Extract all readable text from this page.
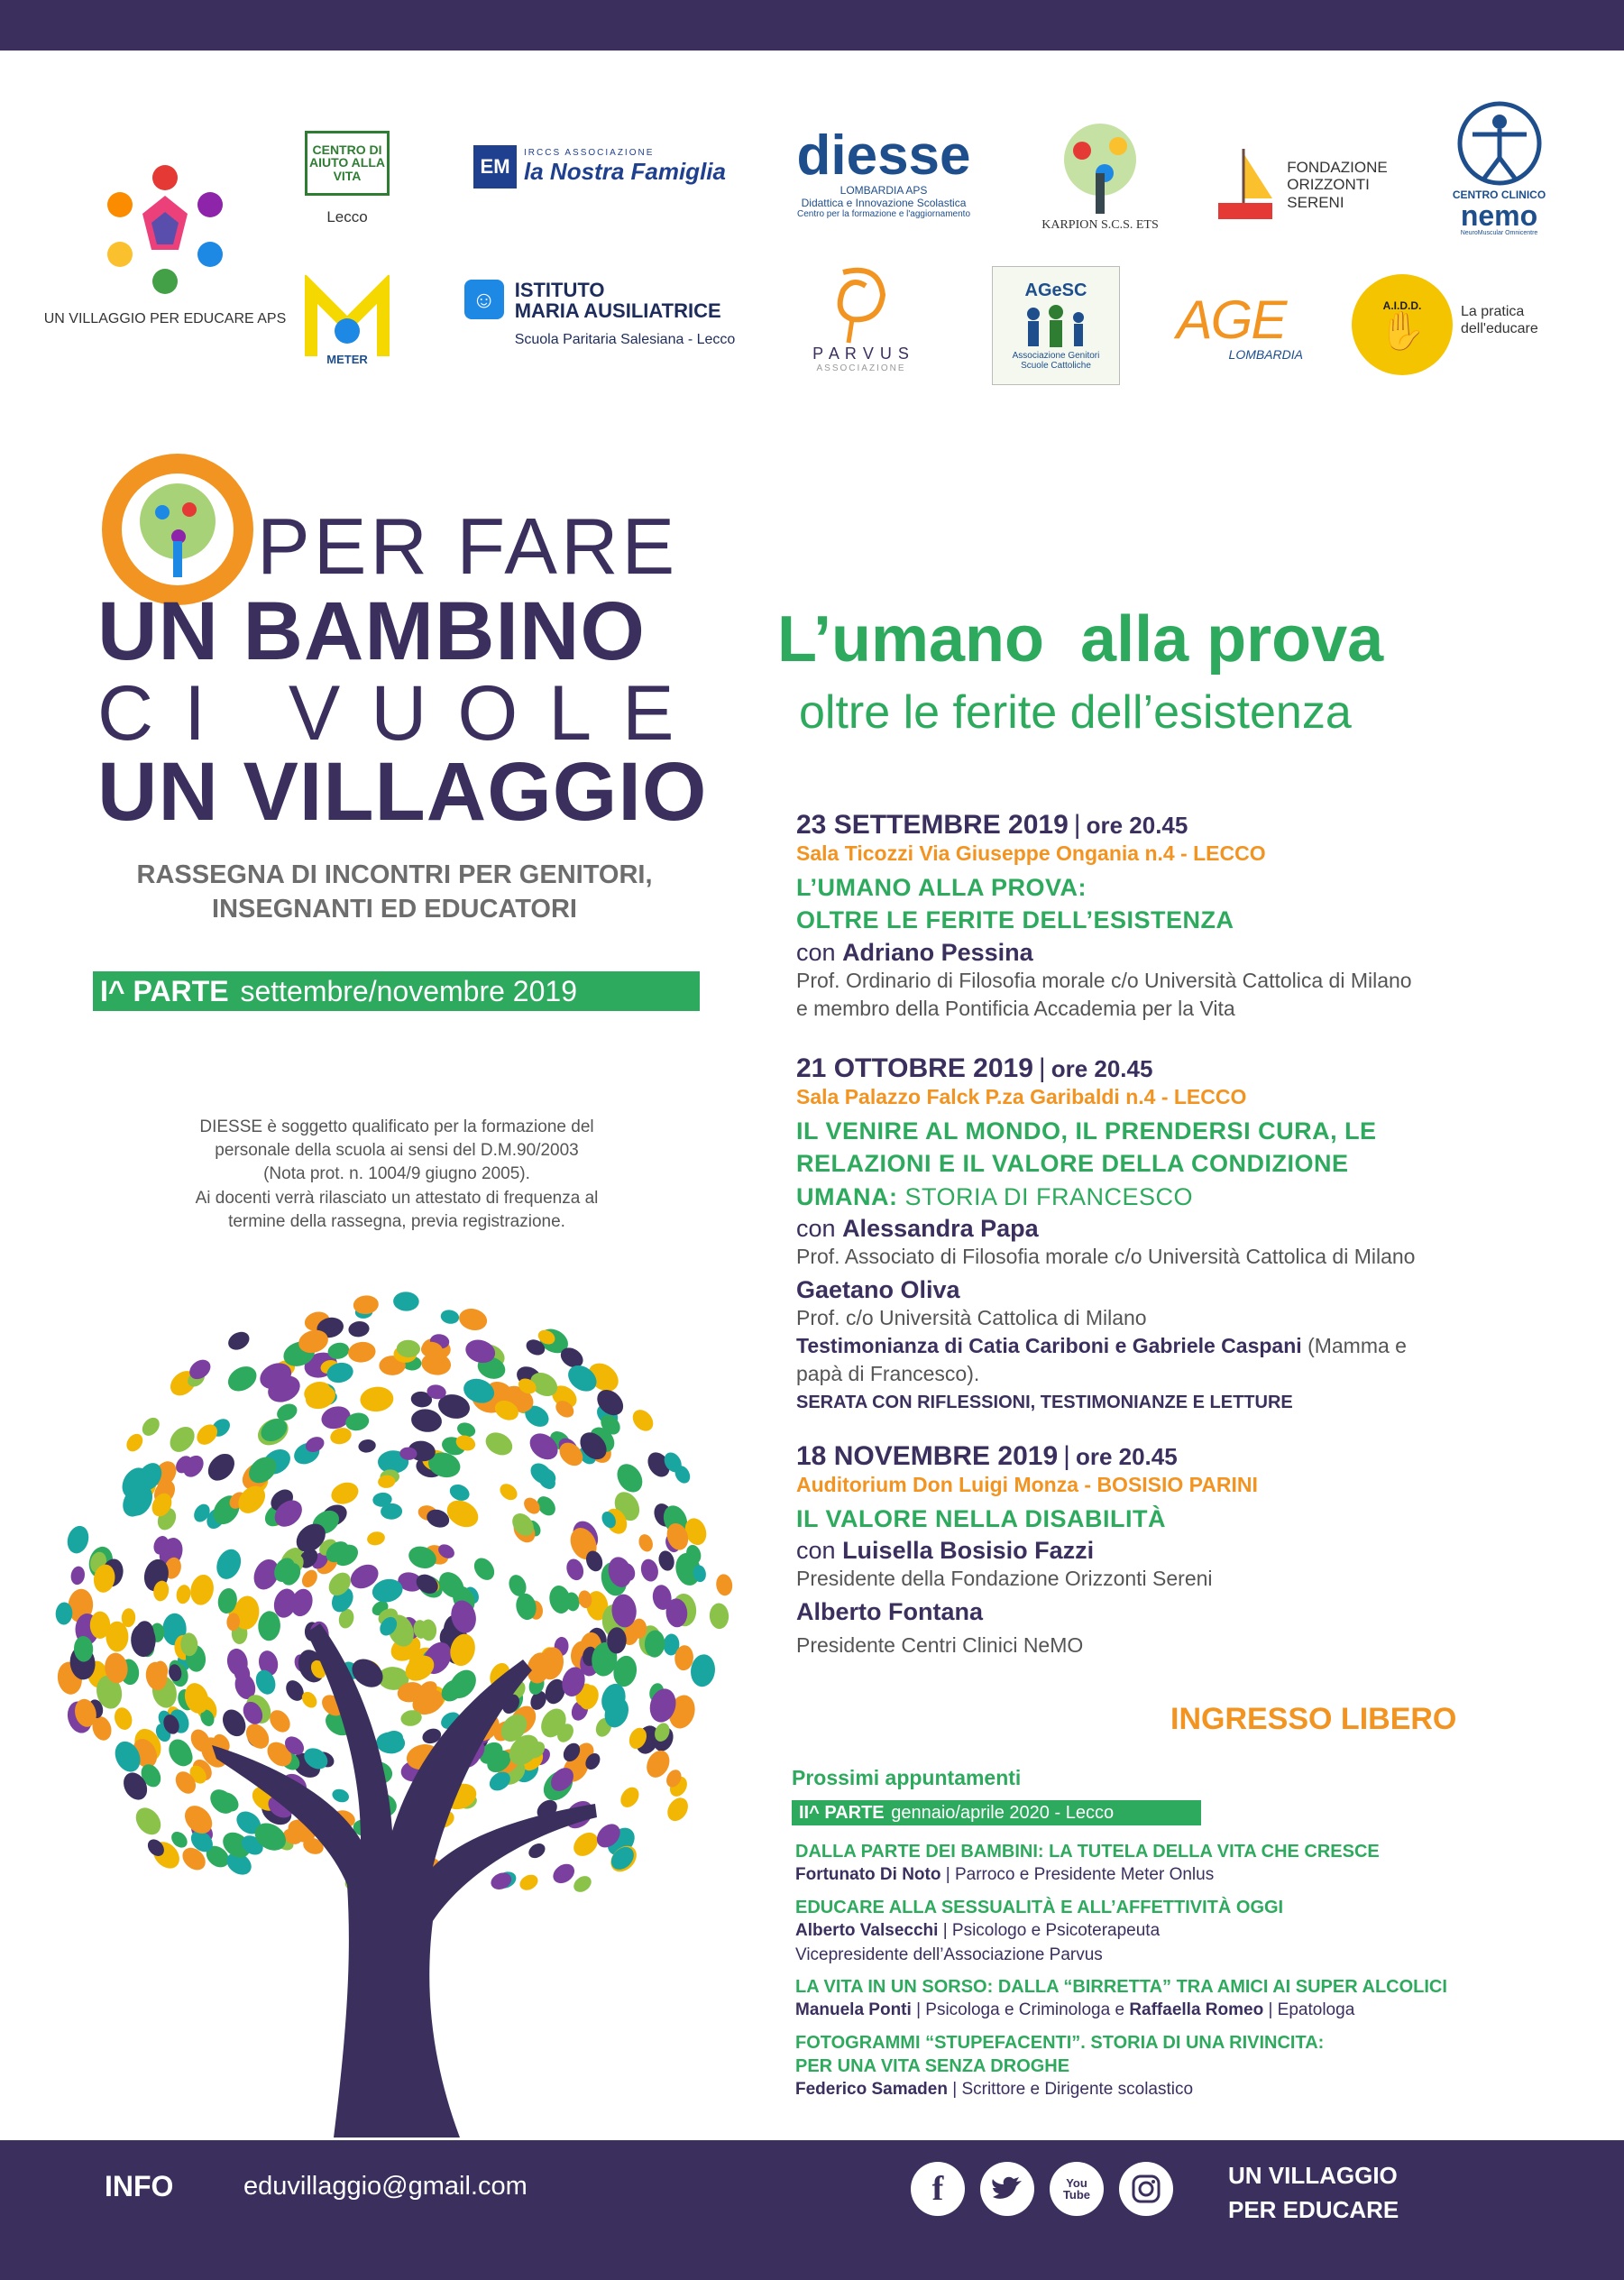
UN VILLAGGIO PER EDUCARE APS
CENTRO DI AIUTO ALLA VITA
Lecco
EM
IRCCS ASSOCIAZIONE
la Nostra Famiglia diesse
LOMBARDIA APS
Didattica e Innovazione Scolastica
Centro per la formazione e l'aggiornamento
KARPION S.C.S. ETS
FONDAZIONE
ORIZZONTI
SERENI	CENTRO CLINICO
nemo
NeuroMuscular Omnicentre
METER
☺ ISTITUTO
MARIA AUSILIATRICE
Scuola Paritaria Salesiana - Lecco
P A R V U S
ASSOCIAZIONE
AGeSC
Associazione Genitori Scuole Cattoliche
AGE
LOMBARDIA
A.I.D.D.
✋ La pratica dell'educare
PER FARE
UN BAMBINO
CI VUOLE
UN VILLAGGIO
RASSEGNA DI INCONTRI PER GENITORI,
INSEGNANTI ED EDUCATORI
I^ PARTE settembre/novembre 2019
DIESSE è soggetto qualificato per la formazione del
personale della scuola ai sensi del D.M.90/2003
(Nota prot. n. 1004/9 giugno 2005).
Ai docenti verrà rilasciato un attestato di frequenza al
termine della rassegna, previa registrazione.
L’umano  alla prova
oltre le ferite dell’esistenza
23 SETTEMBRE 2019 | ore 20.45
Sala Ticozzi Via Giuseppe Ongania n.4 - LECCO
L’UMANO ALLA PROVA:
OLTRE LE FERITE DELL’ESISTENZA
con Adriano Pessina
Prof. Ordinario di Filosofia morale c/o Università Cattolica di Milano
e membro della Pontificia Accademia per la Vita
21 OTTOBRE 2019 | ore 20.45
Sala Palazzo Falck P.za Garibaldi n.4 - LECCO
IL VENIRE AL MONDO, IL PRENDERSI CURA, LE
RELAZIONI E IL VALORE DELLA CONDIZIONE
UMANA: STORIA DI FRANCESCO
con Alessandra Papa
Prof. Associato di Filosofia morale c/o Università Cattolica di Milano
Gaetano Oliva
Prof. c/o Università Cattolica di Milano
Testimonianza di Catia Cariboni e Gabriele Caspani (Mamma e
papà di Francesco).
SERATA CON RIFLESSIONI, TESTIMONIANZE E LETTURE
18 NOVEMBRE 2019 | ore 20.45
Auditorium Don Luigi Monza - BOSISIO PARINI
IL VALORE NELLA DISABILITÀ
con Luisella Bosisio Fazzi
Presidente della Fondazione Orizzonti Sereni
Alberto Fontana
Presidente Centri Clinici NeMO
INGRESSO LIBERO
Prossimi appuntamenti
II^ PARTE gennaio/aprile 2020 - Lecco
DALLA PARTE DEI BAMBINI: LA TUTELA DELLA VITA CHE CRESCE
Fortunato Di Noto | Parroco e Presidente Meter Onlus
EDUCARE ALLA SESSUALITÀ E ALL’AFFETTIVITÀ OGGI
Alberto Valsecchi | Psicologo e Psicoterapeuta
Vicepresidente dell’Associazione Parvus
LA VITA IN UN SORSO: DALLA “BIRRETTA” TRA AMICI AI SUPER ALCOLICI
Manuela Ponti | Psicologa e Criminologa e Raffaella Romeo | Epatologa
FOTOGRAMMI “STUPEFACENTI”. STORIA DI UNA RIVINCITA:
PER UNA VITA SENZA DROGHE
Federico Samaden | Scrittore e Dirigente scolastico
INFO	eduvillaggio@gmail.com	f	You Tube
UN VILLAGGIO
PER EDUCARE
